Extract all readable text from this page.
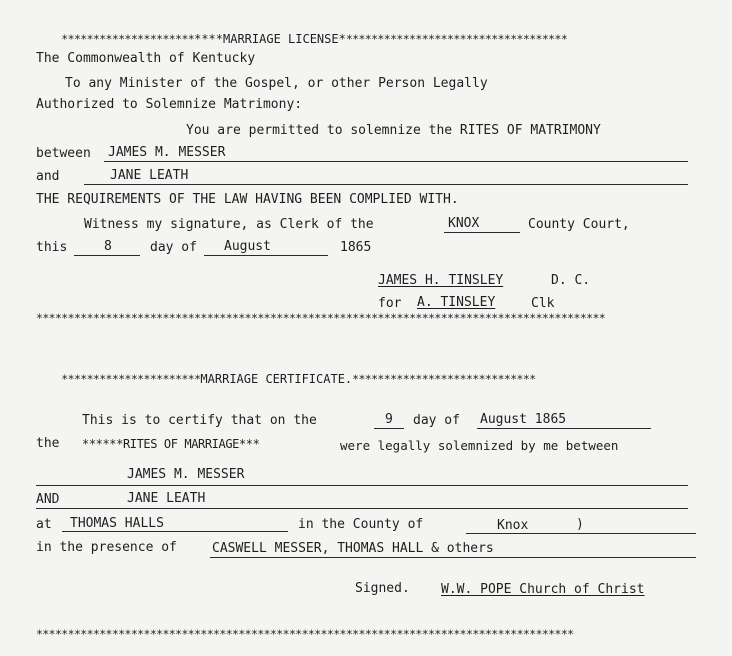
*************************MARRIAGE LICENSE************************************

The Commonwealth of Kentucky
To any Minister of the Gospel, or other Person Legally
Authorized to Solemnize Matrimony:
You are permitted to solemnize the RITES OF MATRIMONY
between JAMES M. MESSER
and	JANE LEATH
THE REQUIREMENTS OF THE LAW HAVING BEEN COMPLIED WITH.
Witness my signature, as Clerk of the	KNOX	County Court,
this	8	day of August	1865
JAMES H. TINSLEY	D. C.
for A. TINSLEY	Clk
******************************************************************************************

**********************MARRIAGE CERTIFICATE.*****************************

This is to certify that on the	9 day of August 1865
the ******RITES OF MARRIAGE***	were legally solemnized by me between
JAMES M. MESSER
AND	JANE LEATH
at THOMAS HALLS	in the County of	Knox	)
in the presence of	CASWELL MESSER, THOMAS HALL & others
Signed. W.W. POPE Church of Christ
*************************************************************************************
